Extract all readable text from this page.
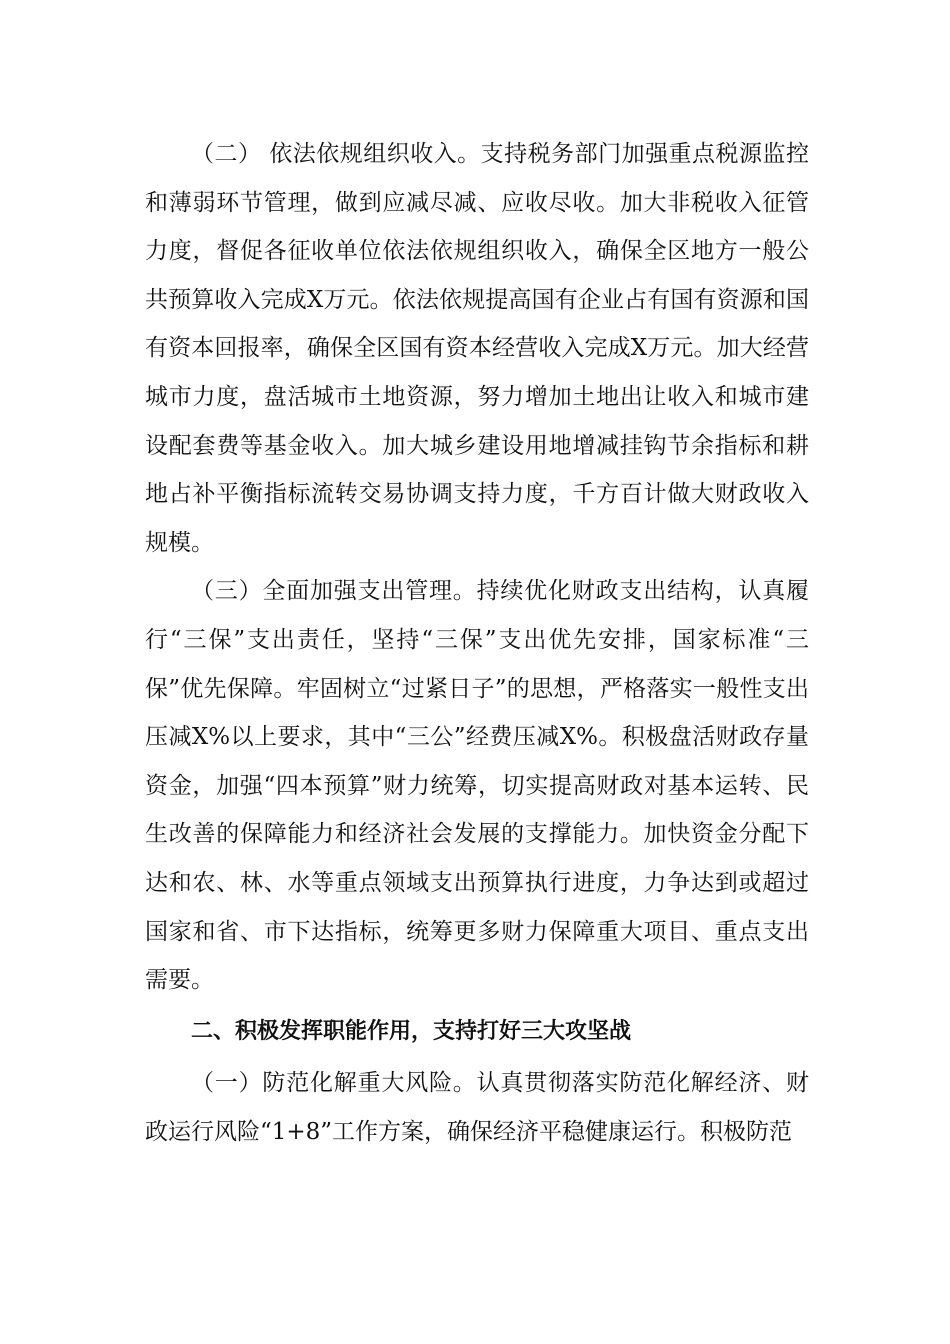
（二） 依法依规组织收入。支持税务部门加强重点税源监控和薄弱环节管理，做到应减尽减、应收尽收。加大非税收入征管力度，督促各征收单位依法依规组织收入，确保全区地方一般公共预算收入完成X万元。依法依规提高国有企业占有国有资源和国有资本回报率，确保全区国有资本经营收入完成X万元。加大经营城市力度，盘活城市土地资源，努力增加土地出让收入和城市建设配套费等基金收入。加大城乡建设用地增减挂钩节余指标和耕地占补平衡指标流转交易协调支持力度，千方百计做大财政收入规模。

（三）全面加强支出管理。持续优化财政支出结构，认真履行“三保”支出责任，坚持“三保”支出优先安排，国家标准“三保”优先保障。牢固树立“过紧日子”的思想，严格落实一般性支出压减X%以上要求，其中“三公”经费压减X%。积极盘活财政存量资金，加强“四本预算”财力统筹，切实提高财政对基本运转、民生改善的保障能力和经济社会发展的支撑能力。加快资金分配下达和农、林、水等重点领域支出预算执行进度，力争达到或超过国家和省、市下达指标，统筹更多财力保障重大项目、重点支出需要。

二、积极发挥职能作用，支持打好三大攻坚战

（一）防范化解重大风险。认真贯彻落实防范化解经济、财政运行风险“1+8”工作方案，确保经济平稳健康运行。积极防范
